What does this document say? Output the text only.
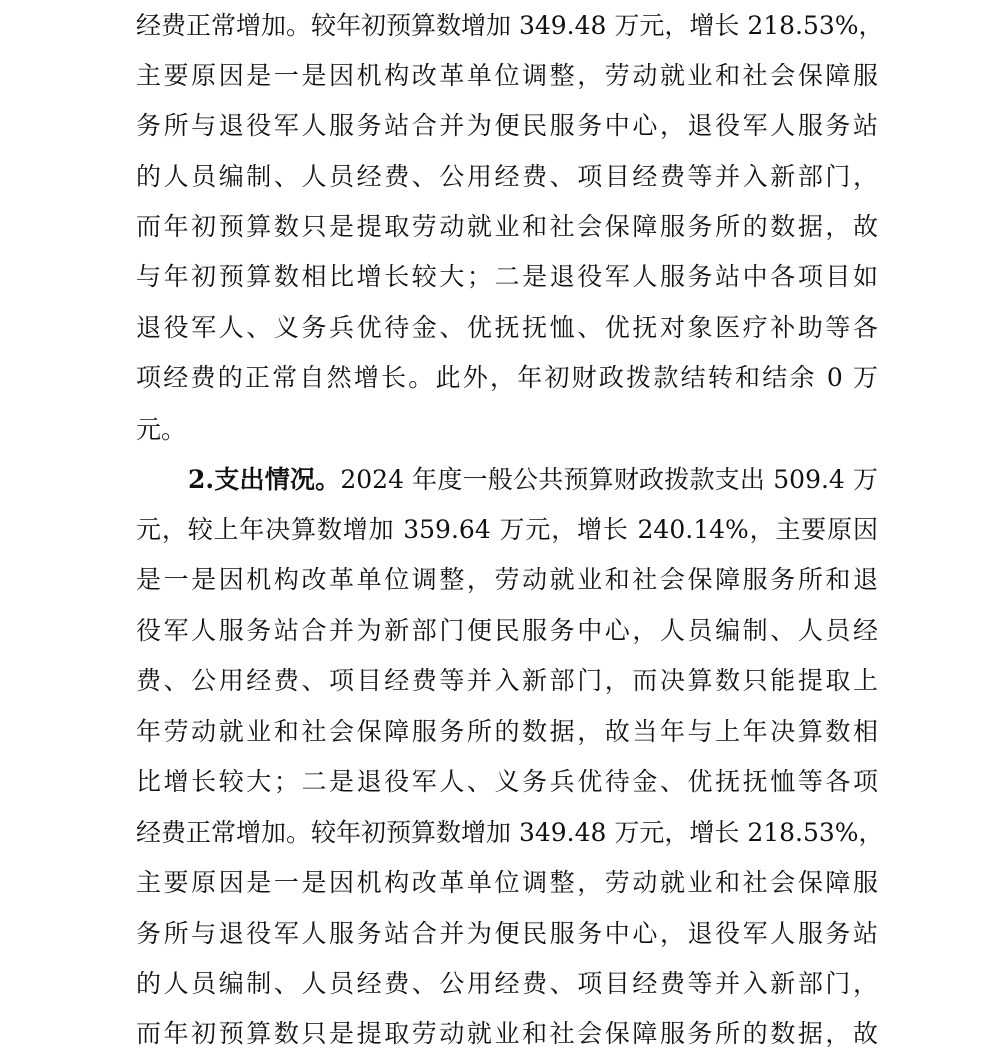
经费正常增加。较年初预算数增加 349.48 万元，增长 218.53%，
主要原因是一是因机构改革单位调整，劳动就业和社会保障服
务所与退役军人服务站合并为便民服务中心，退役军人服务站
的人员编制、人员经费、公用经费、项目经费等并入新部门，
而年初预算数只是提取劳动就业和社会保障服务所的数据，故
与年初预算数相比增长较大；二是退役军人服务站中各项目如
退役军人、义务兵优待金、优抚抚恤、优抚对象医疗补助等各
项经费的正常自然增长。此外，年初财政拨款结转和结余 0 万
元。
2.支出情况。2024 年度一般公共预算财政拨款支出 509.4 万
元，较上年决算数增加 359.64 万元，增长 240.14%，主要原因
是一是因机构改革单位调整，劳动就业和社会保障服务所和退
役军人服务站合并为新部门便民服务中心，人员编制、人员经
费、公用经费、项目经费等并入新部门，而决算数只能提取上
年劳动就业和社会保障服务所的数据，故当年与上年决算数相
比增长较大；二是退役军人、义务兵优待金、优抚抚恤等各项
经费正常增加。较年初预算数增加 349.48 万元，增长 218.53%，
主要原因是一是因机构改革单位调整，劳动就业和社会保障服
务所与退役军人服务站合并为便民服务中心，退役军人服务站
的人员编制、人员经费、公用经费、项目经费等并入新部门，
而年初预算数只是提取劳动就业和社会保障服务所的数据，故
